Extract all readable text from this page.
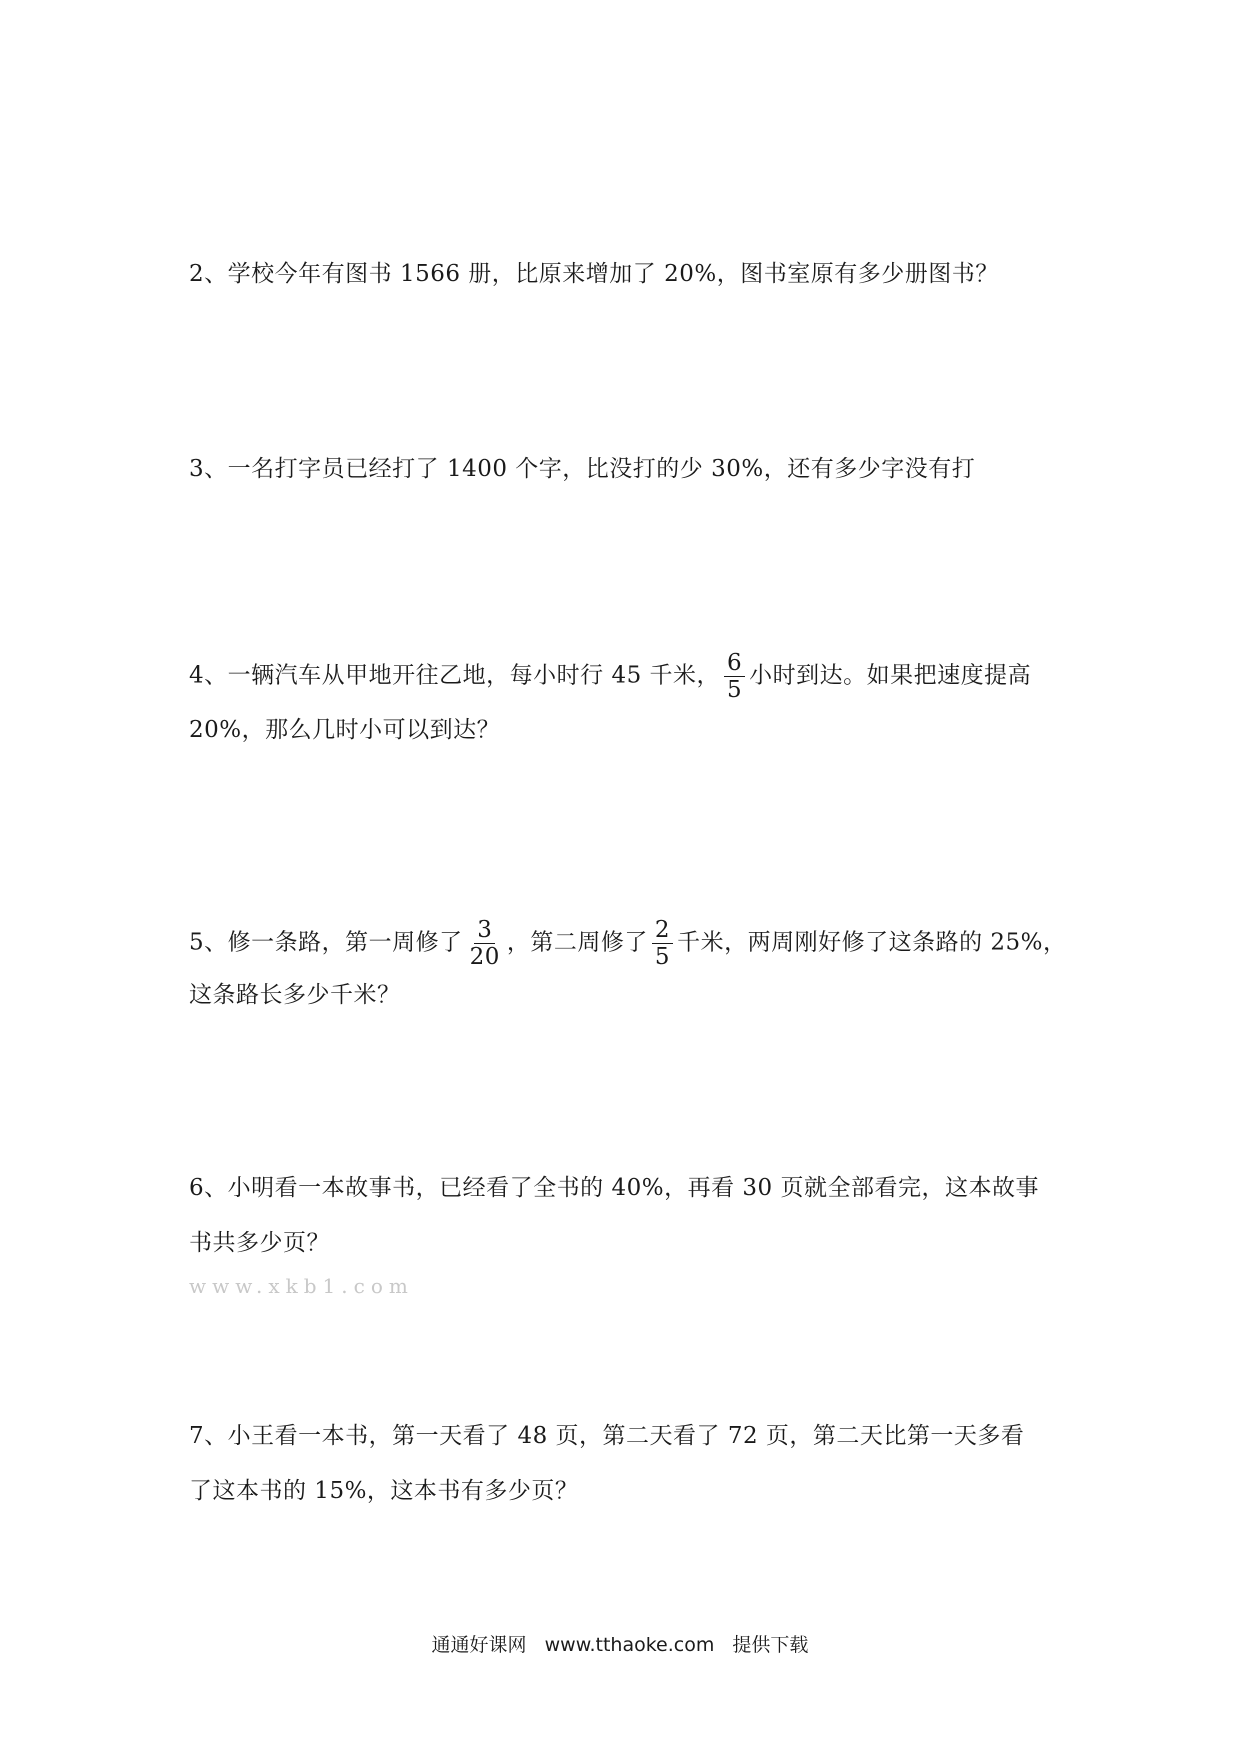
2、学校今年有图书 1566 册，比原来增加了 20%，图书室原有多少册图书？
3、一名打字员已经打了 1400 个字，比没打的少 30%，还有多少字没有打
4、一辆汽车从甲地开往乙地，每小时行 45 千米， $\frac{6}{5}$ 小时到达。如果把速度提高
20%，那么几时小可以到达？
5、修一条路，第一周修了 $\frac{3}{20}$ ，第二周修了 $\frac{2}{5}$ 千米，两周刚好修了这条路的 25%，
这条路长多少千米？
6、小明看一本故事书，已经看了全书的 40%，再看 30 页就全部看完，这本故事
书共多少页？
www.xkb1.com
7、小王看一本书，第一天看了 48 页，第二天看了 72 页，第二天比第一天多看
了这本书的 15%，这本书有多少页？
通通好课网 www.tthaoke.com 提供下载
